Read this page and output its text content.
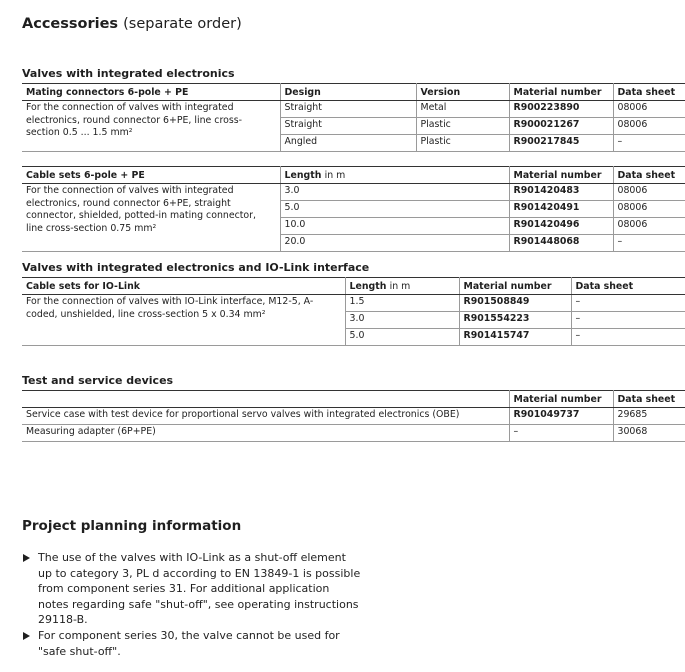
Accessories (separate order)
Valves with integrated electronics
Mating connectors 6-pole + PE	Design	Version	Material number	Data sheet
For the connection of valves with integrated electronics, round connector 6+PE, line cross-section 0.5 ... 1.5 mm²	Straight	Metal	R900223890	08006
	Straight	Plastic	R900021267	08006
	Angled	Plastic	R900217845	–
Cable sets 6-pole + PE	Length in m	Material number	Data sheet
For the connection of valves with integrated electronics, round connector 6+PE, straight connector, shielded, potted-in mating connector, line cross-section 0.75 mm²	3.0	R901420483	08006
	5.0	R901420491	08006
	10.0	R901420496	08006
	20.0	R901448068	–
Valves with integrated electronics and IO-Link interface
Cable sets for IO-Link	Length in m	Material number	Data sheet
For the connection of valves with IO-Link interface, M12-5, A-coded, unshielded, line cross-section 5 x 0.34 mm²	1.5	R901508849	–
	3.0	R901554223	–
	5.0	R901415747	–
Test and service devices
	Material number	Data sheet
Service case with test device for proportional servo valves with integrated electronics (OBE)	R901049737	29685
Measuring adapter (6P+PE)	–	30068
Project planning information
The use of the valves with IO-Link as a shut-off element up to category 3, PL d according to EN 13849-1 is possible from component series 31. For additional application notes regarding safe "shut-off", see operating instructions 29118-B.
For component series 30, the valve cannot be used for "safe shut-off".
